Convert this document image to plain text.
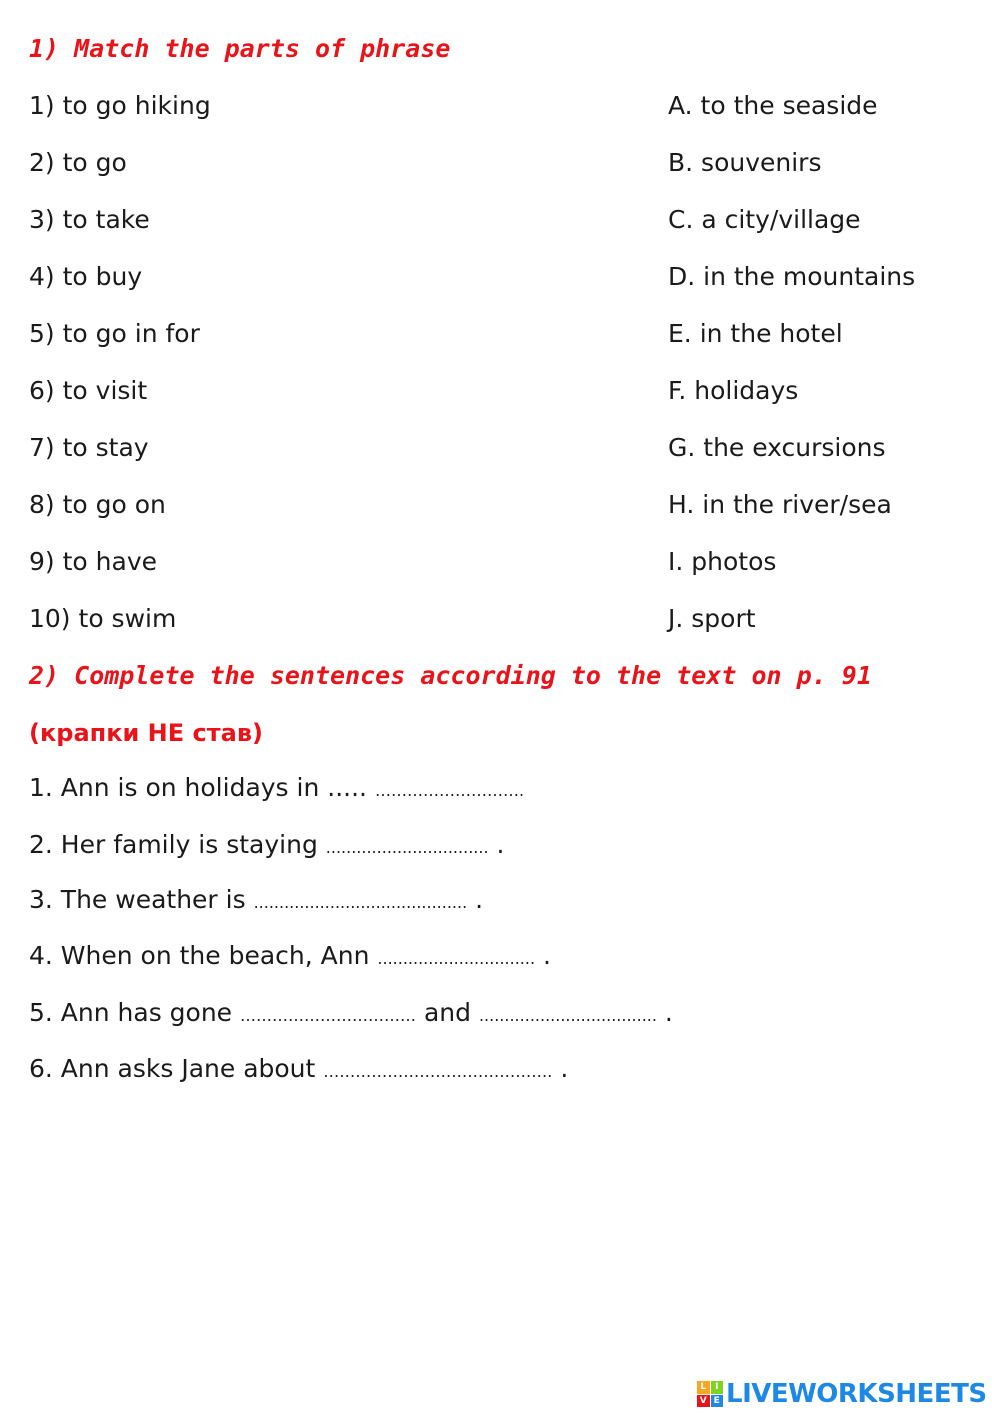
1) Match the parts of phrase
1) to go hiking
2) to go
3) to take
4) to buy
5) to go in for
6) to visit
7) to stay
8) to go on
9) to have
10) to swim
A. to the seaside
B. souvenirs
C. a city/village
D. in the mountains
E. in the hotel
F. holidays
G. the excursions
H. in the river/sea
I. photos
J. sport
2) Complete the sentences according to the text on p. 91
(крапки НЕ став)
1. Ann is on holidays in ..... ……………………….
2. Her family is staying ................................ .
3. The weather is .......................................... .
4. When on the beach, Ann ............................... .
5. Ann has gone …………………………… and ................................... .
6. Ann asks Jane about ……………………………………. .
L I
V E LIVEWORKSHEETS
